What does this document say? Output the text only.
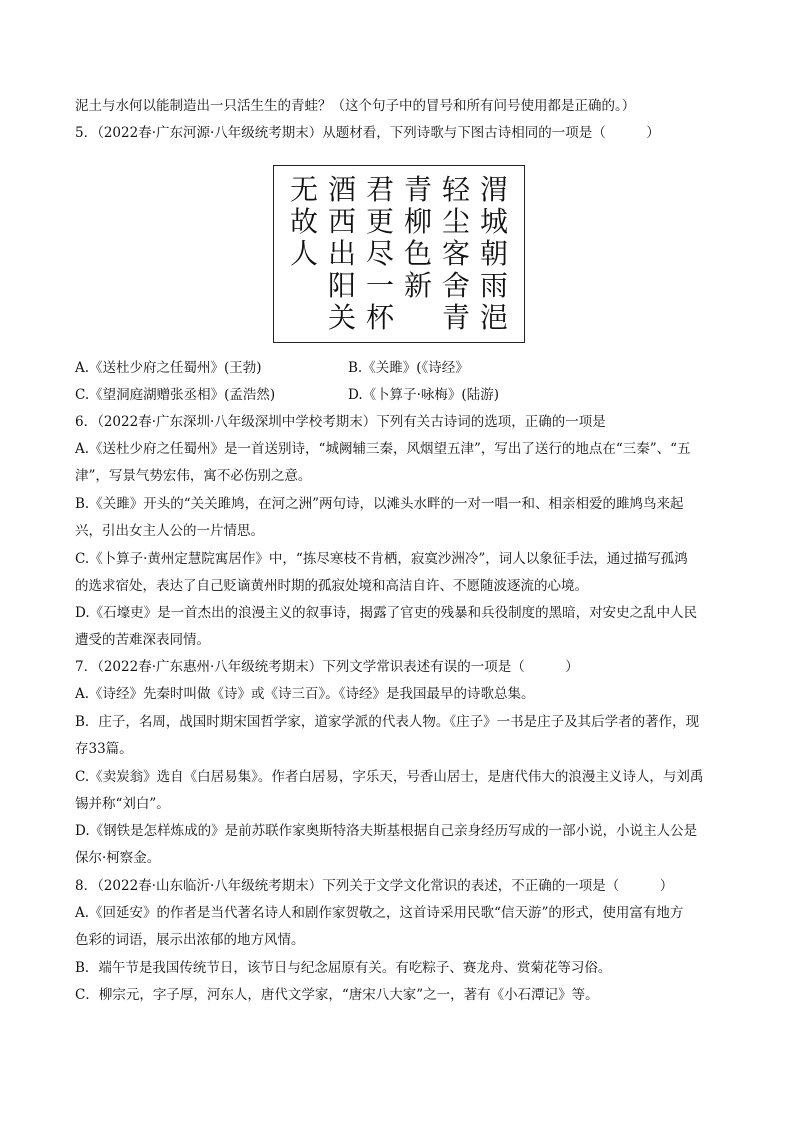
泥土与水何以能制造出一只活生生的青蛙？（这个句子中的冒号和所有问号使用都是正确的。）
5．（2022春·广东河源·八年级统考期末）从题材看，下列诗歌与下图古诗相同的一项是（　　　）
渭
城
朝
雨
浥
轻
尘
客
舍
青
青
柳
色
新
君
更
尽
一
杯
酒
西
出
阳
关
无
故
人
A.《送杜少府之任蜀州》(王勃)	B.《关雎》(《诗经》
C.《望洞庭湖赠张丞相》(孟浩然)	D.《卜算子·咏梅》(陆游)
6．（2022春·广东深圳·八年级深圳中学校考期末）下列有关古诗词的选项，正确的一项是
A.《送杜少府之任蜀州》是一首送别诗，“城阙辅三秦，风烟望五津”，写出了送行的地点在“三秦”、“五
津”，写景气势宏伟，寓不必伤别之意。
B.《关雎》开头的“关关雎鸠，在河之洲”两句诗，以滩头水畔的一对一唱一和、相亲相爱的雎鸠鸟来起
兴，引出女主人公的一片情思。
C.《卜算子·黄州定慧院寓居作》中，“拣尽寒枝不肯栖，寂寞沙洲冷”，词人以象征手法，通过描写孤鸿
的选求宿处，表达了自己贬谪黄州时期的孤寂处境和高洁自许、不愿随波逐流的心境。
D.《石壕吏》是一首杰出的浪漫主义的叙事诗，揭露了官吏的残暴和兵役制度的黑暗，对安史之乱中人民
遭受的苦难深表同情。
7．（2022春·广东惠州·八年级统考期末）下列文学常识表述有误的一项是（　　　）
A.《诗经》先秦时叫做《诗》或《诗三百》。《诗经》是我国最早的诗歌总集。
B．庄子，名周，战国时期宋国哲学家，道家学派的代表人物。《庄子》一书是庄子及其后学者的著作，现
存33篇。
C.《卖炭翁》选自《白居易集》。作者白居易，字乐天，号香山居士，是唐代伟大的浪漫主义诗人，与刘禹
锡并称“刘白”。
D.《钢铁是怎样炼成的》是前苏联作家奥斯特洛夫斯基根据自己亲身经历写成的一部小说，小说主人公是
保尔·柯察金。
8．（2022春·山东临沂·八年级统考期末）下列关于文学文化常识的表述，不正确的一项是（　　　）
A.《回延安》的作者是当代著名诗人和剧作家贺敬之，这首诗采用民歌“信天游”的形式，使用富有地方
色彩的词语，展示出浓郁的地方风情。
B．端午节是我国传统节日，该节日与纪念屈原有关。有吃粽子、赛龙舟、赏菊花等习俗。
C．柳宗元，字子厚，河东人，唐代文学家，“唐宋八大家”之一，著有《小石潭记》等。
